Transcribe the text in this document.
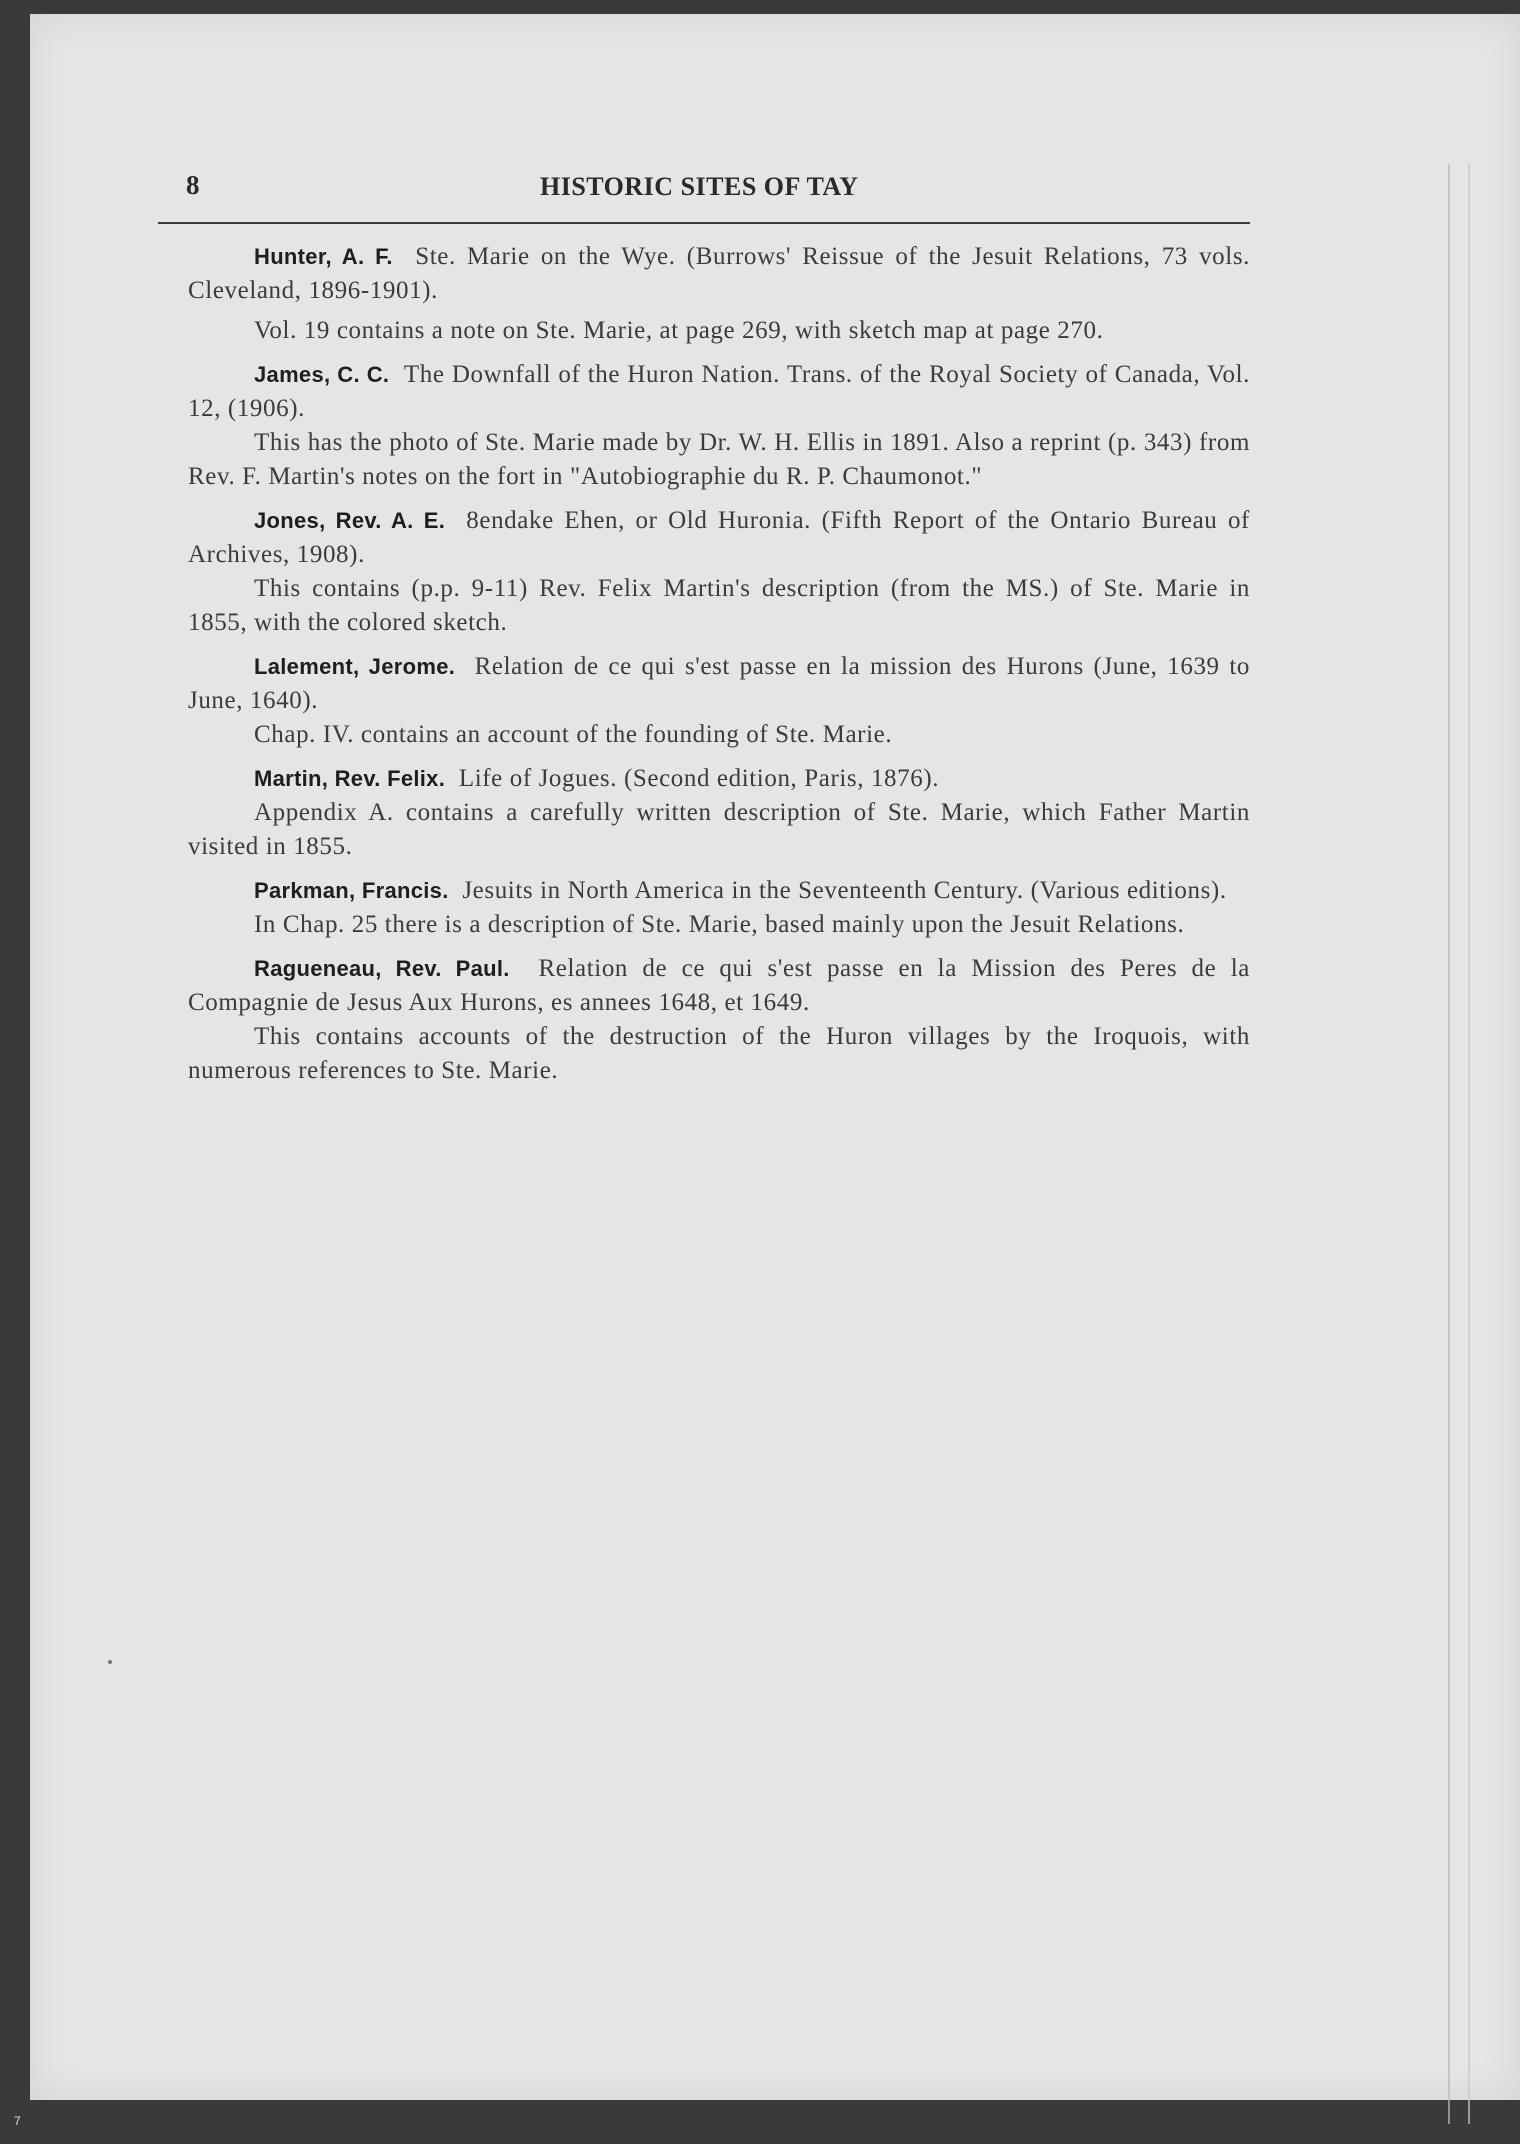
8	HISTORIC SITES OF TAY

Hunter, A. F. Ste. Marie on the Wye. (Burrows' Reissue of the Jesuit Relations, 73 vols. Cleveland, 1896-1901).

Vol. 19 contains a note on Ste. Marie, at page 269, with sketch map at page 270.

James, C. C. The Downfall of the Huron Nation. Trans. of the Royal Society of Canada, Vol. 12, (1906).

This has the photo of Ste. Marie made by Dr. W. H. Ellis in 1891. Also a reprint (p. 343) from Rev. F. Martin's notes on the fort in "Autobiographie du R. P. Chaumonot."

Jones, Rev. A. E. 8endake Ehen, or Old Huronia. (Fifth Report of the Ontario Bureau of Archives, 1908).

This contains (p.p. 9-11) Rev. Felix Martin's description (from the MS.) of Ste. Marie in 1855, with the colored sketch.

Lalement, Jerome. Relation de ce qui s'est passe en la mission des Hurons (June, 1639 to June, 1640).

Chap. IV. contains an account of the founding of Ste. Marie.

Martin, Rev. Felix. Life of Jogues. (Second edition, Paris, 1876).

Appendix A. contains a carefully written description of Ste. Marie, which Father Martin visited in 1855.

Parkman, Francis. Jesuits in North America in the Seventeenth Century. (Various editions).

In Chap. 25 there is a description of Ste. Marie, based mainly upon the Jesuit Relations.

Ragueneau, Rev. Paul. Relation de ce qui s'est passe en la Mission des Peres de la Compagnie de Jesus Aux Hurons, es annees 1648, et 1649.

This contains accounts of the destruction of the Huron villages by the Iroquois, with numerous references to Ste. Marie.

7
